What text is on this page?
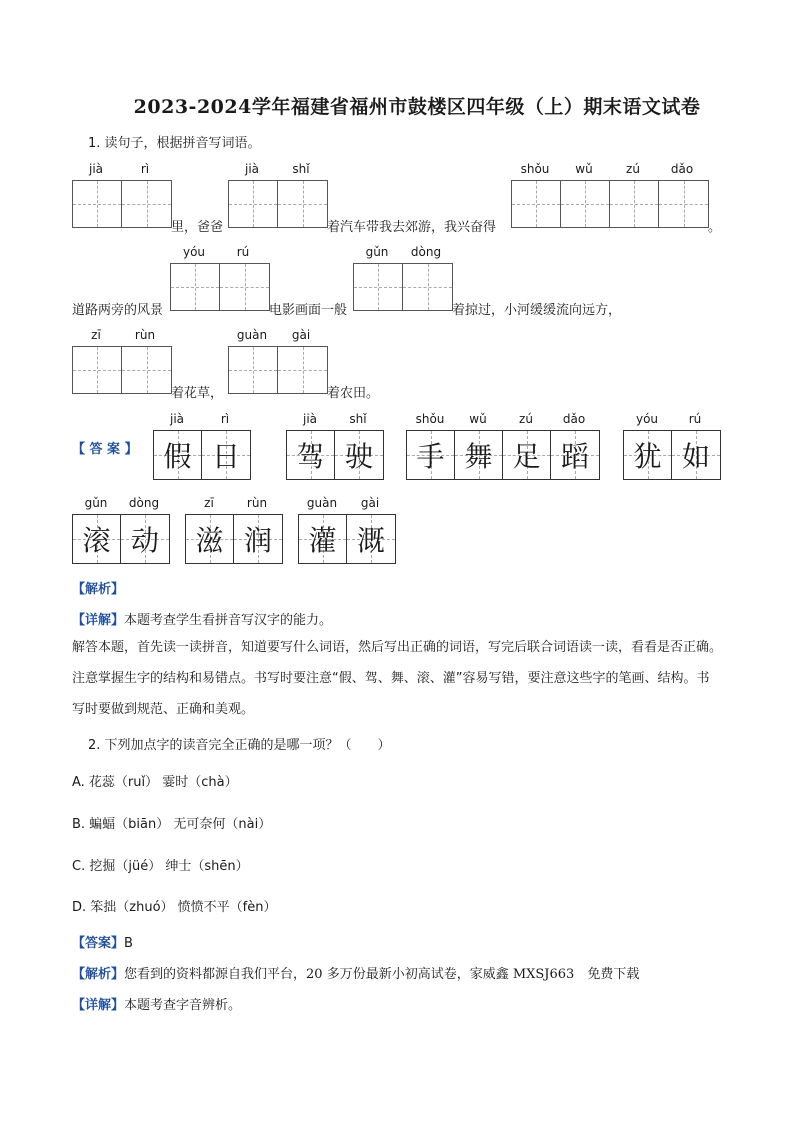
2023-2024学年福建省福州市鼓楼区四年级（上）期末语文试卷
1. 读句子，根据拼音写词语。
jià	rì	jià	shǐ	shǒu	wǔ	zú	dǎo
里，爸爸	着汽车带我去郊游，我兴奋得	。
yóu	rú	gǔn	dòng
道路两旁的风景	电影画面一般	着掠过，小河缓缓流向远方，
zī	rùn	guàn	gài
着花草，	着农田。
【 答 案 】
jià	rì
假 日
jià	shǐ
驾 驶
shǒu	wǔ	zú	dǎo
手 舞 足 蹈
yóu	rú
犹 如
gǔn	dòng
滚 动
zī	rùn
滋 润
guàn	gài
灌 溉
【解析】
【详解】本题考查学生看拼音写汉字的能力。
解答本题，首先读一读拼音，知道要写什么词语，然后写出正确的词语，写完后联合词语读一读，看看是否正确。注意掌握生字的结构和易错点。书写时要注意“假、驾、舞、滚、灌”容易写错，要注意这些字的笔画、结构。书写时要做到规范、正确和美观。
2. 下列加点字的读音完全正确的是哪一项？（　　）
A. 花蕊（ruǐ） 霎时（chà）
B. 蝙蝠（biān） 无可奈何（nài）
C. 挖掘（jüé） 绅士（shēn）
D. 笨拙（zhuó） 愤愤不平（fèn）
【答案】B
【解析】您看到的资料都源自我们平台，20 多万份最新小初高试卷，家威鑫 MXSJ663　免费下载
【详解】本题考查字音辨析。
